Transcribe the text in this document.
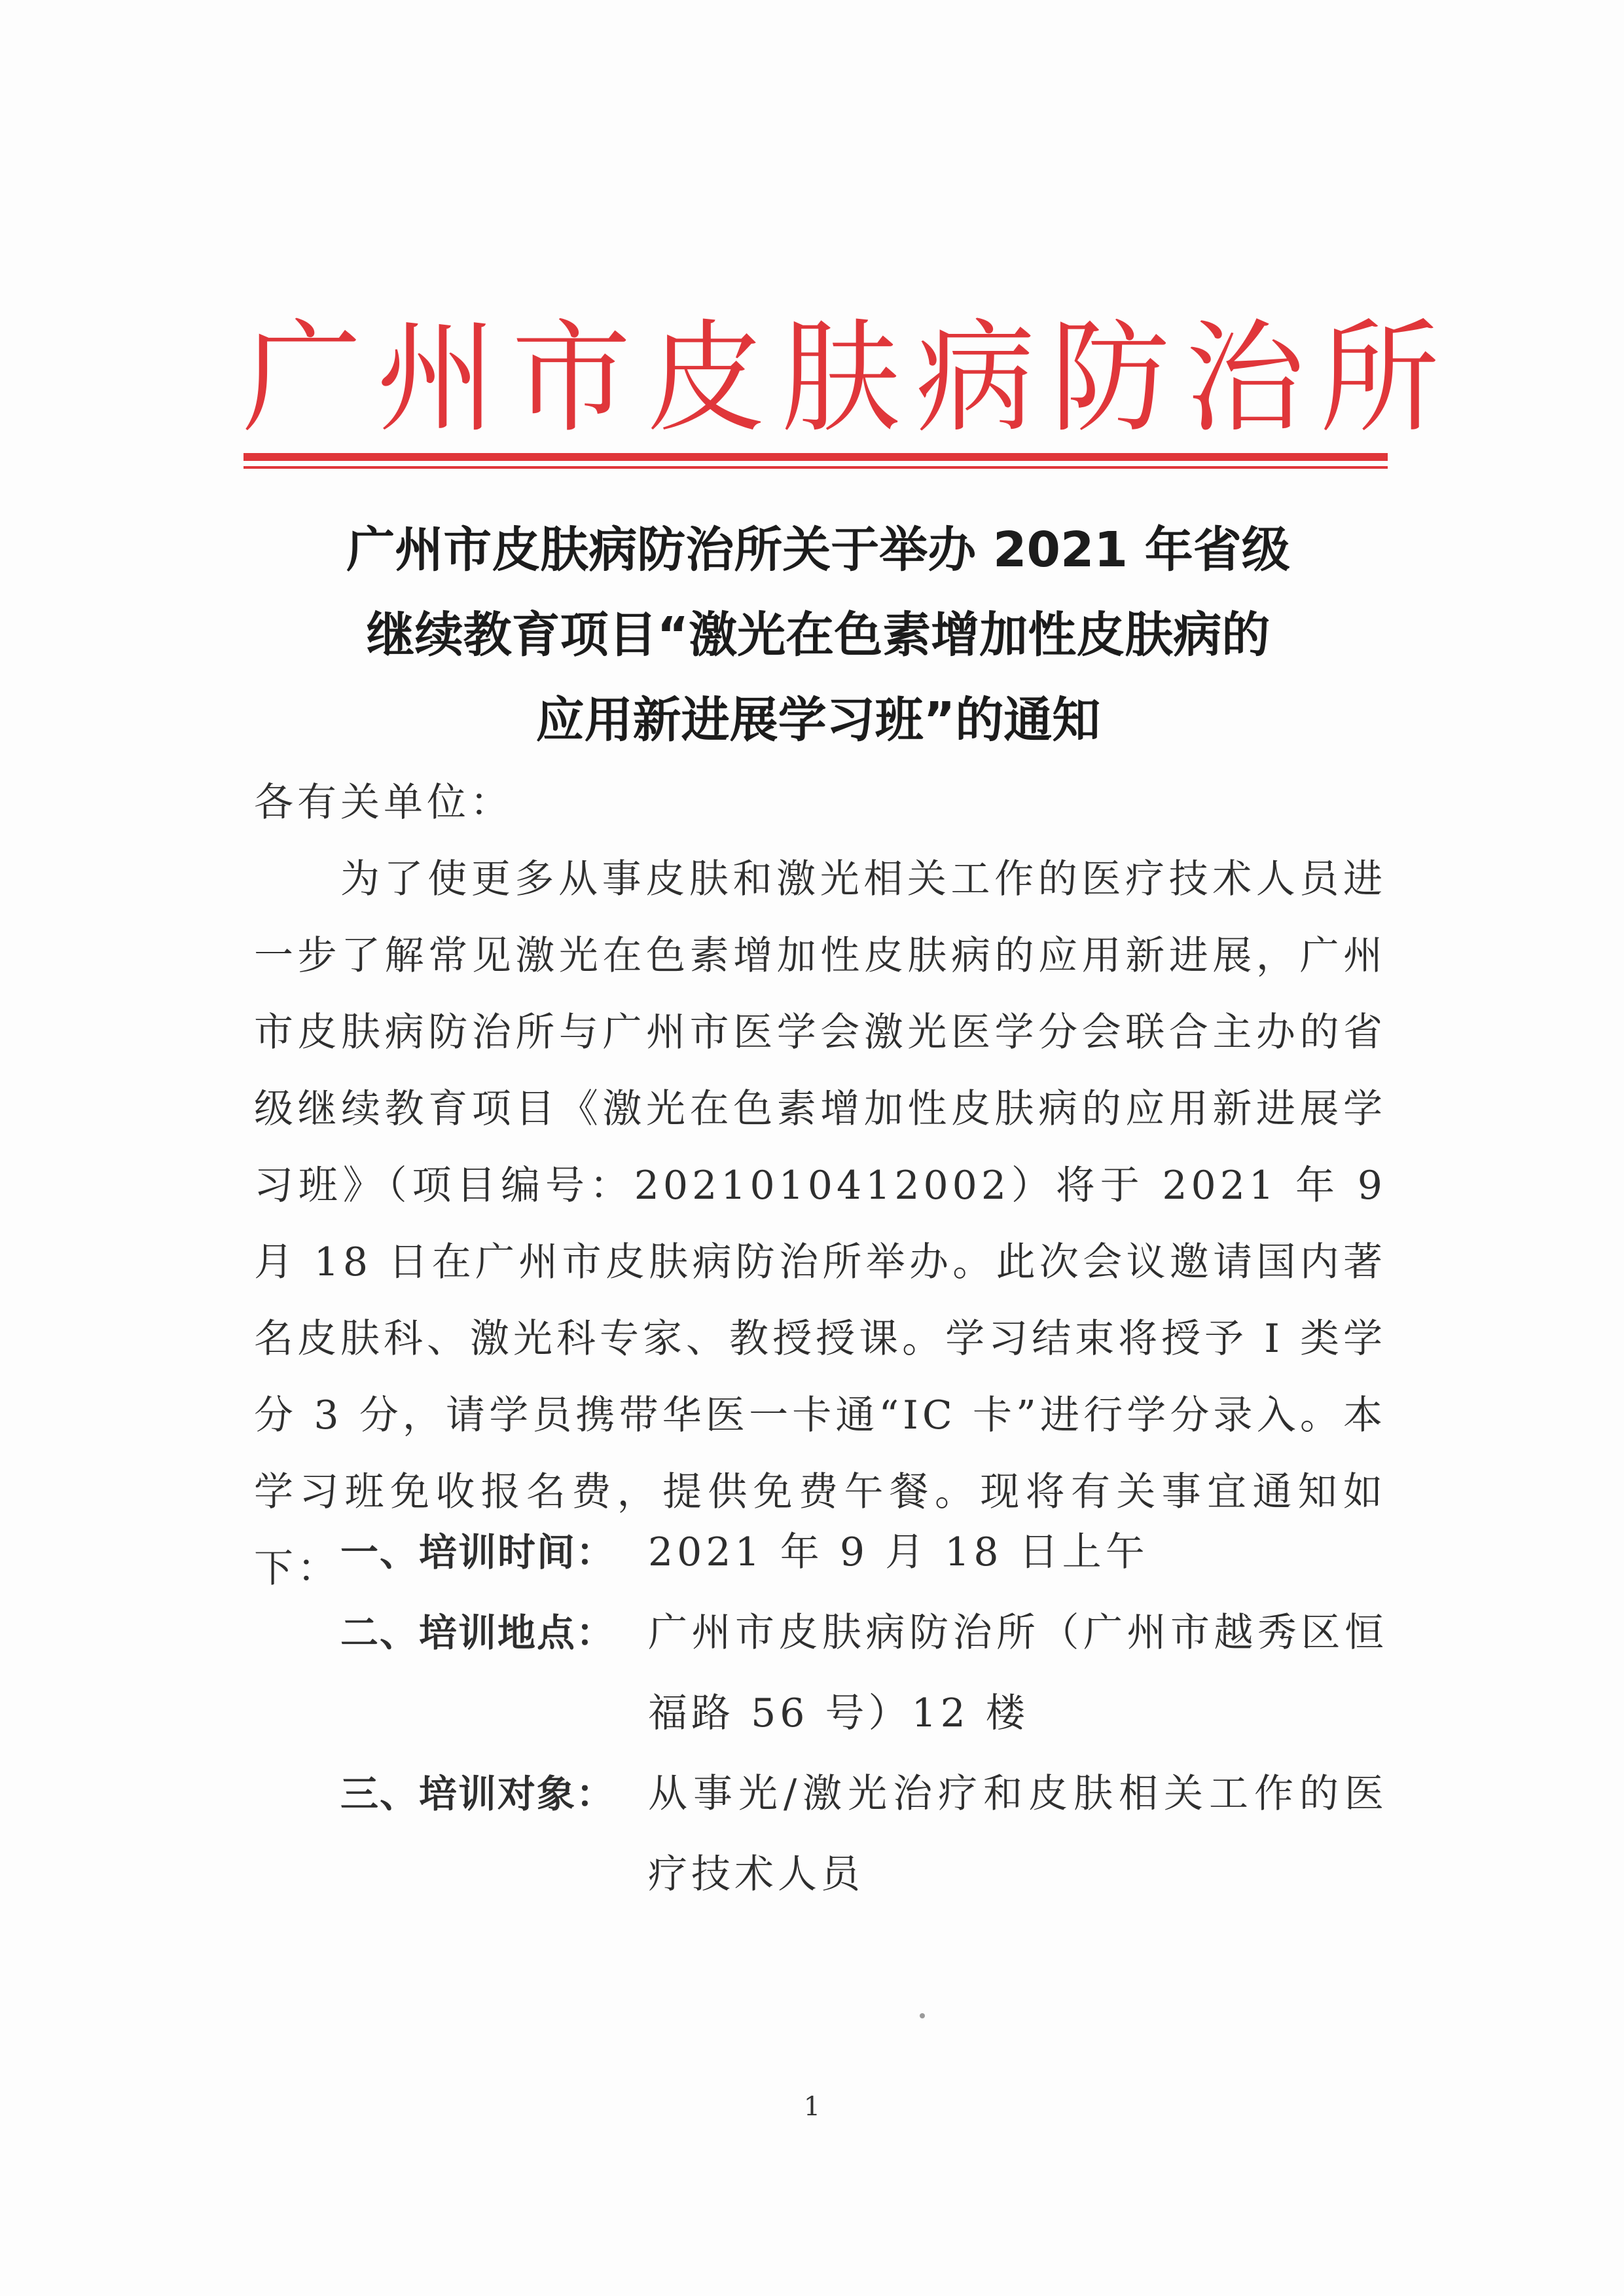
广州市皮肤病防治所
广州市皮肤病防治所关于举办 2021 年省级
继续教育项目“激光在色素增加性皮肤病的
应用新进展学习班”的通知

各有关单位：

为了使更多从事皮肤和激光相关工作的医疗技术人员进一步了解常见激光在色素增加性皮肤病的应用新进展，广州市皮肤病防治所与广州市医学会激光医学分会联合主办的省级继续教育项目《激光在色素增加性皮肤病的应用新进展学习班》（项目编号：2021010412002）将于 2021 年 9 月 18 日在广州市皮肤病防治所举办。此次会议邀请国内著名皮肤科、激光科专家、教授授课。学习结束将授予 I 类学分 3 分，请学员携带华医一卡通“IC 卡”进行学分录入。本学习班免收报名费，提供免费午餐。现将有关事宜通知如下： 一、培训时间： 2021 年 9 月 18 日上午
二、培训地点： 广州市皮肤病防治所（广州市越秀区恒福路 56 号）12 楼
三、培训对象： 从事光/激光治疗和皮肤相关工作的医疗技术人员
1
